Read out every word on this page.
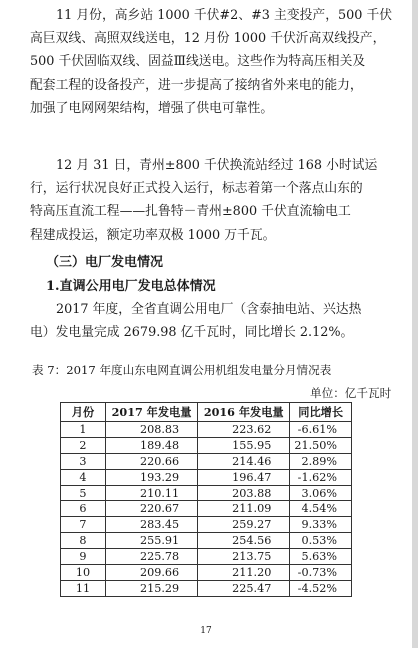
11 月份，高乡站 1000 千伏#2、#3 主变投产，500 千伏
高巨双线、高照双线送电，12 月份 1000 千伏沂高双线投产，
500 千伏固临双线、固益Ⅲ线送电。这些作为特高压相关及
配套工程的设备投产，进一步提高了接纳省外来电的能力，
加强了电网网架结构，增强了供电可靠性。
12 月 31 日，青州±800 千伏换流站经过 168 小时试运
行，运行状况良好正式投入运行，标志着第一个落点山东的
特高压直流工程——扎鲁特－青州±800 千伏直流输电工
程建成投运，额定功率双极 1000 万千瓦。

（三）电厂发电情况

1.直调公用电厂发电总体情况

2017 年度，全省直调公用电厂（含泰抽电站、兴达热
电）发电量完成 2679.98 亿千瓦时，同比增长 2.12%。

表 7：2017 年度山东电网直调公用机组发电量分月情况表

单位：亿千瓦时
月份	2017 年发电量	2016 年发电量	同比增长
1	208.83	223.62	-6.61%
2	189.48	155.95	21.50%
3	220.66	214.46	2.89%
4	193.29	196.47	-1.62%
5	210.11	203.88	3.06%
6	220.67	211.09	4.54%
7	283.45	259.27	9.33%
8	255.91	254.56	0.53%
9	225.78	213.75	5.63%
10	209.66	211.20	-0.73%
11	215.29	225.47	-4.52%
17
